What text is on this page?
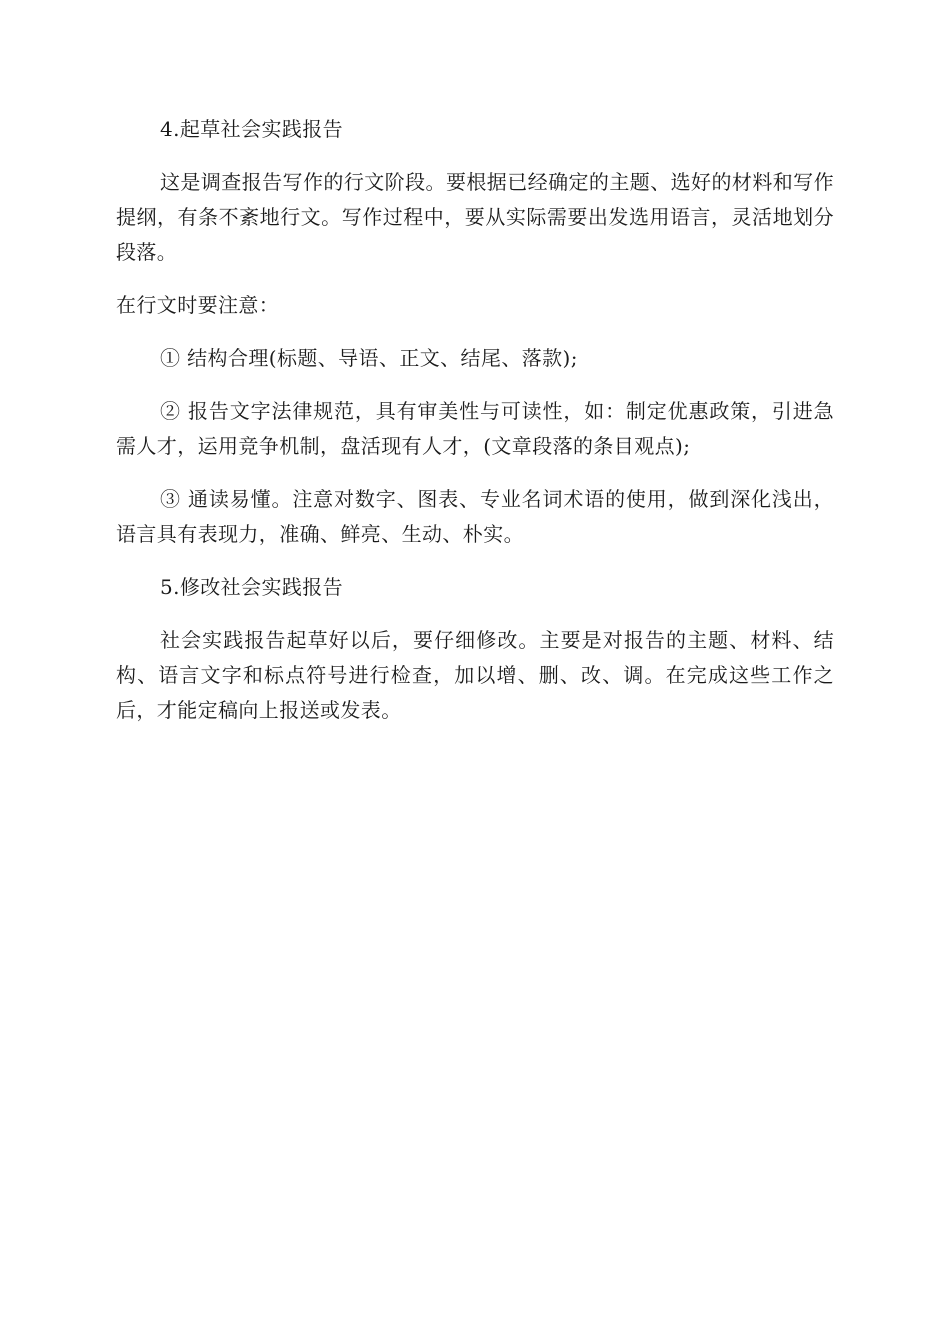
4.起草社会实践报告

这是调查报告写作的行文阶段。要根据已经确定的主题、选好的材料和写作提纲，有条不紊地行文。写作过程中，要从实际需要出发选用语言，灵活地划分段落。

在行文时要注意：

① 结构合理(标题、导语、正文、结尾、落款);

② 报告文字法律规范，具有审美性与可读性，如：制定优惠政策，引进急需人才，运用竞争机制，盘活现有人才，(文章段落的条目观点);

③ 通读易懂。注意对数字、图表、专业名词术语的使用，做到深化浅出，语言具有表现力，准确、鲜亮、生动、朴实。

5.修改社会实践报告

社会实践报告起草好以后，要仔细修改。主要是对报告的主题、材料、结构、语言文字和标点符号进行检查，加以增、删、改、调。在完成这些工作之后，才能定稿向上报送或发表。
